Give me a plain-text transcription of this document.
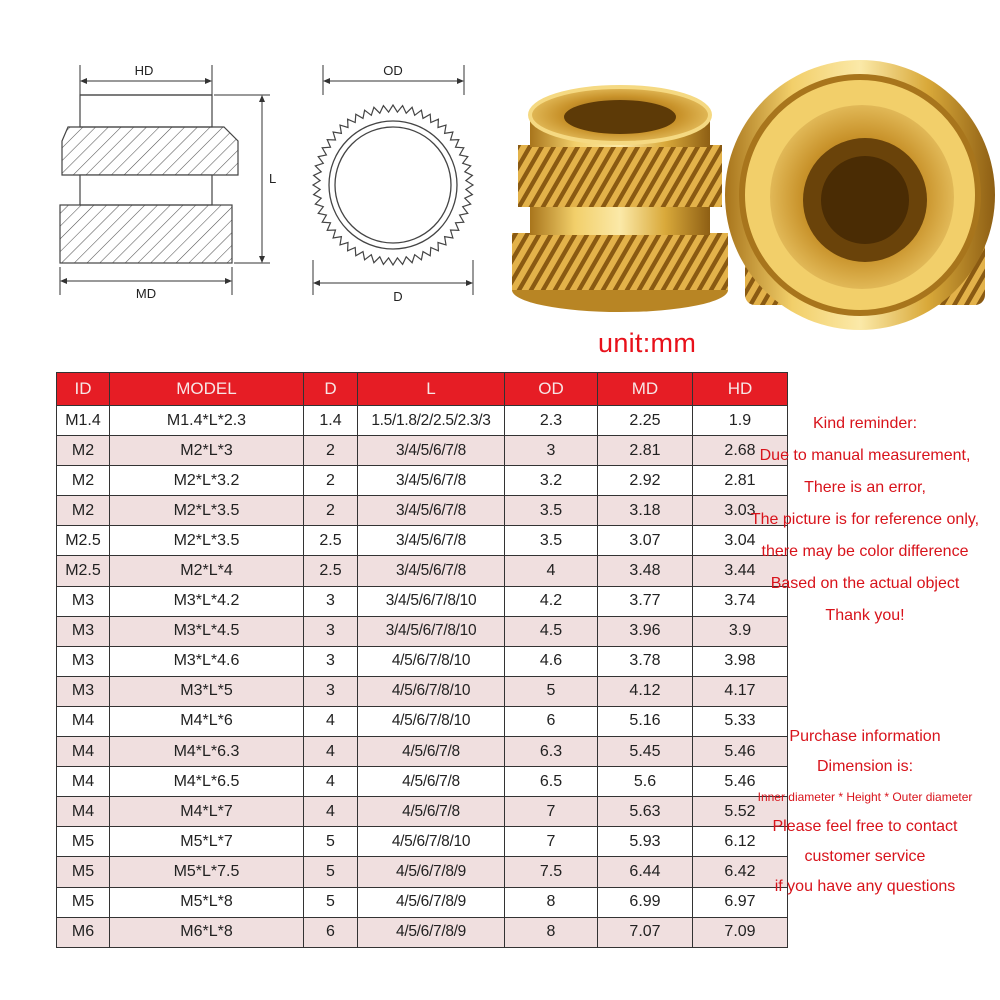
HD
L
MD
OD
D
unit:mm
ID	MODEL	D	L	OD	MD	HD
M1.4	M1.4*L*2.3	1.4	1.5/1.8/2/2.5/2.3/3	2.3	2.25	1.9
M2	M2*L*3	2	3/4/5/6/7/8	3	2.81	2.68
M2	M2*L*3.2	2	3/4/5/6/7/8	3.2	2.92	2.81
M2	M2*L*3.5	2	3/4/5/6/7/8	3.5	3.18	3.03
M2.5	M2*L*3.5	2.5	3/4/5/6/7/8	3.5	3.07	3.04
M2.5	M2*L*4	2.5	3/4/5/6/7/8	4	3.48	3.44
M3	M3*L*4.2	3	3/4/5/6/7/8/10	4.2	3.77	3.74
M3	M3*L*4.5	3	3/4/5/6/7/8/10	4.5	3.96	3.9
M3	M3*L*4.6	3	4/5/6/7/8/10	4.6	3.78	3.98
M3	M3*L*5	3	4/5/6/7/8/10	5	4.12	4.17
M4	M4*L*6	4	4/5/6/7/8/10	6	5.16	5.33
M4	M4*L*6.3	4	4/5/6/7/8	6.3	5.45	5.46
M4	M4*L*6.5	4	4/5/6/7/8	6.5	5.6	5.46
M4	M4*L*7	4	4/5/6/7/8	7	5.63	5.52
M5	M5*L*7	5	4/5/6/7/8/10	7	5.93	6.12
M5	M5*L*7.5	5	4/5/6/7/8/9	7.5	6.44	6.42
M5	M5*L*8	5	4/5/6/7/8/9	8	6.99	6.97
M6	M6*L*8	6	4/5/6/7/8/9	8	7.07	7.09
Kind reminder:
Due to manual measurement,
There is an error,
The picture is for reference only,
there may be color difference
Based on the actual object
Thank you!
Purchase information
Dimension is:
Inner diameter * Height * Outer diameter
Please feel free to contact
customer service
if you have any questions
